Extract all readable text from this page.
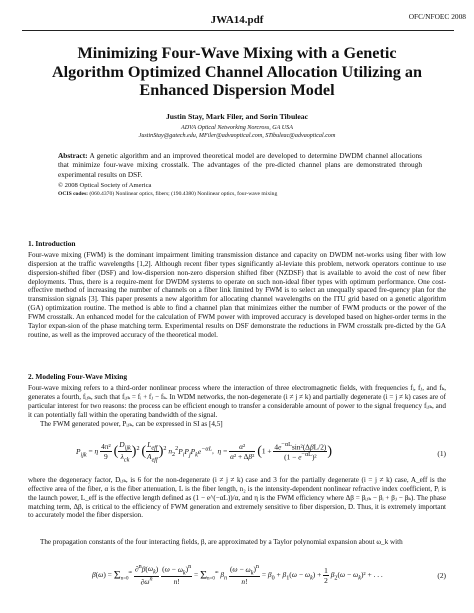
OFC/NFOEC 2008
JWA14.pdf
Minimizing Four-Wave Mixing with a Genetic Algorithm Optimized Channel Allocation Utilizing an Enhanced Dispersion Model
Justin Stay, Mark Filer, and Sorin Tibuleac
ADVA Optical Networking Norcross, GA USA
JustinStay@gatech.edu, MFiler@advaoptical.com, STibuleac@advaoptical.com
Abstract: A genetic algorithm and an improved theoretical model are developed to determine DWDM channel allocations that minimize four-wave mixing crosstalk. The advantages of the pre-dicted channel plans are demonstrated through experimental results on DSF.
© 2008 Optical Society of America
OCIS codes: (060.4370) Nonlinear optics, fibers; (190.4380) Nonlinear optics, four-wave mixing
1. Introduction
Four-wave mixing (FWM) is the dominant impairment limiting transmission distance and capacity on DWDM net-works using fiber with low dispersion at the traffic wavelengths [1,2]. Although recent fiber types significantly al-leviate this problem, network operators continue to use dispersion-shifted fiber (DSF) and low-dispersion non-zero dispersion shifted fiber (NZDSF) that is available to avoid the cost of new fiber deployments. Thus, there is a require-ment for DWDM systems to operate on such non-ideal fiber types with optimum performance. One cost-effective method of increasing the number of channels on a fiber link limited by FWM is to select an unequally spaced fre-quency plan for the transmission signals [3]. This paper presents a new algorithm for allocating channel wavelengths on the ITU grid based on a genetic algorithm (GA) optimization routine. The method is able to find a channel plan that minimizes either the number of FWM products or the power of the FWM crosstalk. An enhanced model for the calculation of FWM power with improved accuracy is developed based on higher-order terms in the Taylor expan-sion of the phase matching term. Experimental results on DSF demonstrate the reductions in FWM crosstalk pre-dicted by the GA routine, as well as the improved accuracy of the theoretical model.
2. Modeling Four-Wave Mixing
Four-wave mixing refers to a third-order nonlinear process where the interaction of three electromagnetic fields, with frequencies fᵢ, fⱼ, and fₖ, generates a fourth, fᵢⱼₖ, such that fᵢⱼₖ = fᵢ + fⱼ − fₖ. In WDM networks, the non-degenerate (i ≠ j ≠ k) and partially degenerate (i = j ≠ k) cases are of particular interest for two reasons: the process can be efficient enough to transfer a considerable amount of power to the signal frequency fᵢⱼₖ, and it can potentially fall within the operating bandwidth of the signal.
The FWM generated power, Pᵢⱼₖ, can be expressed in SI as [4,5]
$P_{ijk} = \eta \frac{\text{4π²}}{9}$ ( $\frac{D_{ijk}}{\lambda_{ck}} )^2$ ( $\frac{L_{eff}}{A_{eff}} )^2$ $n_2^2P_iP_jP_ke^{-\alpha L}$,  $\eta = \frac{\text{α²}}{\text{α² + Δβ²}} (1 + \frac{4e^{-\alpha L}\sin^2(\Delta\beta L/2)}{(1 - e^{-\alpha L})^2}$ )	(1)
where the degeneracy factor, Dᵢⱼₖ, is 6 for the non-degenerate (i ≠ j ≠ k) case and 3 for the partially degenerate (i = j ≠ k) case, A_eff is the effective area of the fiber, α is the fiber attenuation, L is the fiber length, n₂ is the intensity-dependent nonlinear refractive index coefficient, Pᵢ is the launch power, L_eff is the effective length defined as (1 − e^(−αL))/α, and η is the FWM efficiency where Δβ = βᵢⱼₖ − βᵢ + βⱼ − βₖ). The phase matching term, Δβ, is critical to the efficiency of FWM generation and extremely sensitive to fiber dispersion, D. Thus, it is extremely important to accurately model the fiber dispersion.
The propagation constants of the four interacting fields, β, are approximated by a Taylor polynomial expansion about ω_k with
$\beta(\omega) = \Sigma_{n=0}^\infty \frac{\partial^n\beta(\omega_k)}{\partial\omega^n}$
$\frac{(\omega - \omega_k)^n}{n!} = \Sigma_{n=0}^\infty$ $\beta_n \frac{(\omega - \omega_k)^n}{n!} = \beta_0 + \beta_1(\omega - \omega_k) + \frac{1}{2} \beta_2(\omega - \omega_k)^2$ + . . .	(2)
